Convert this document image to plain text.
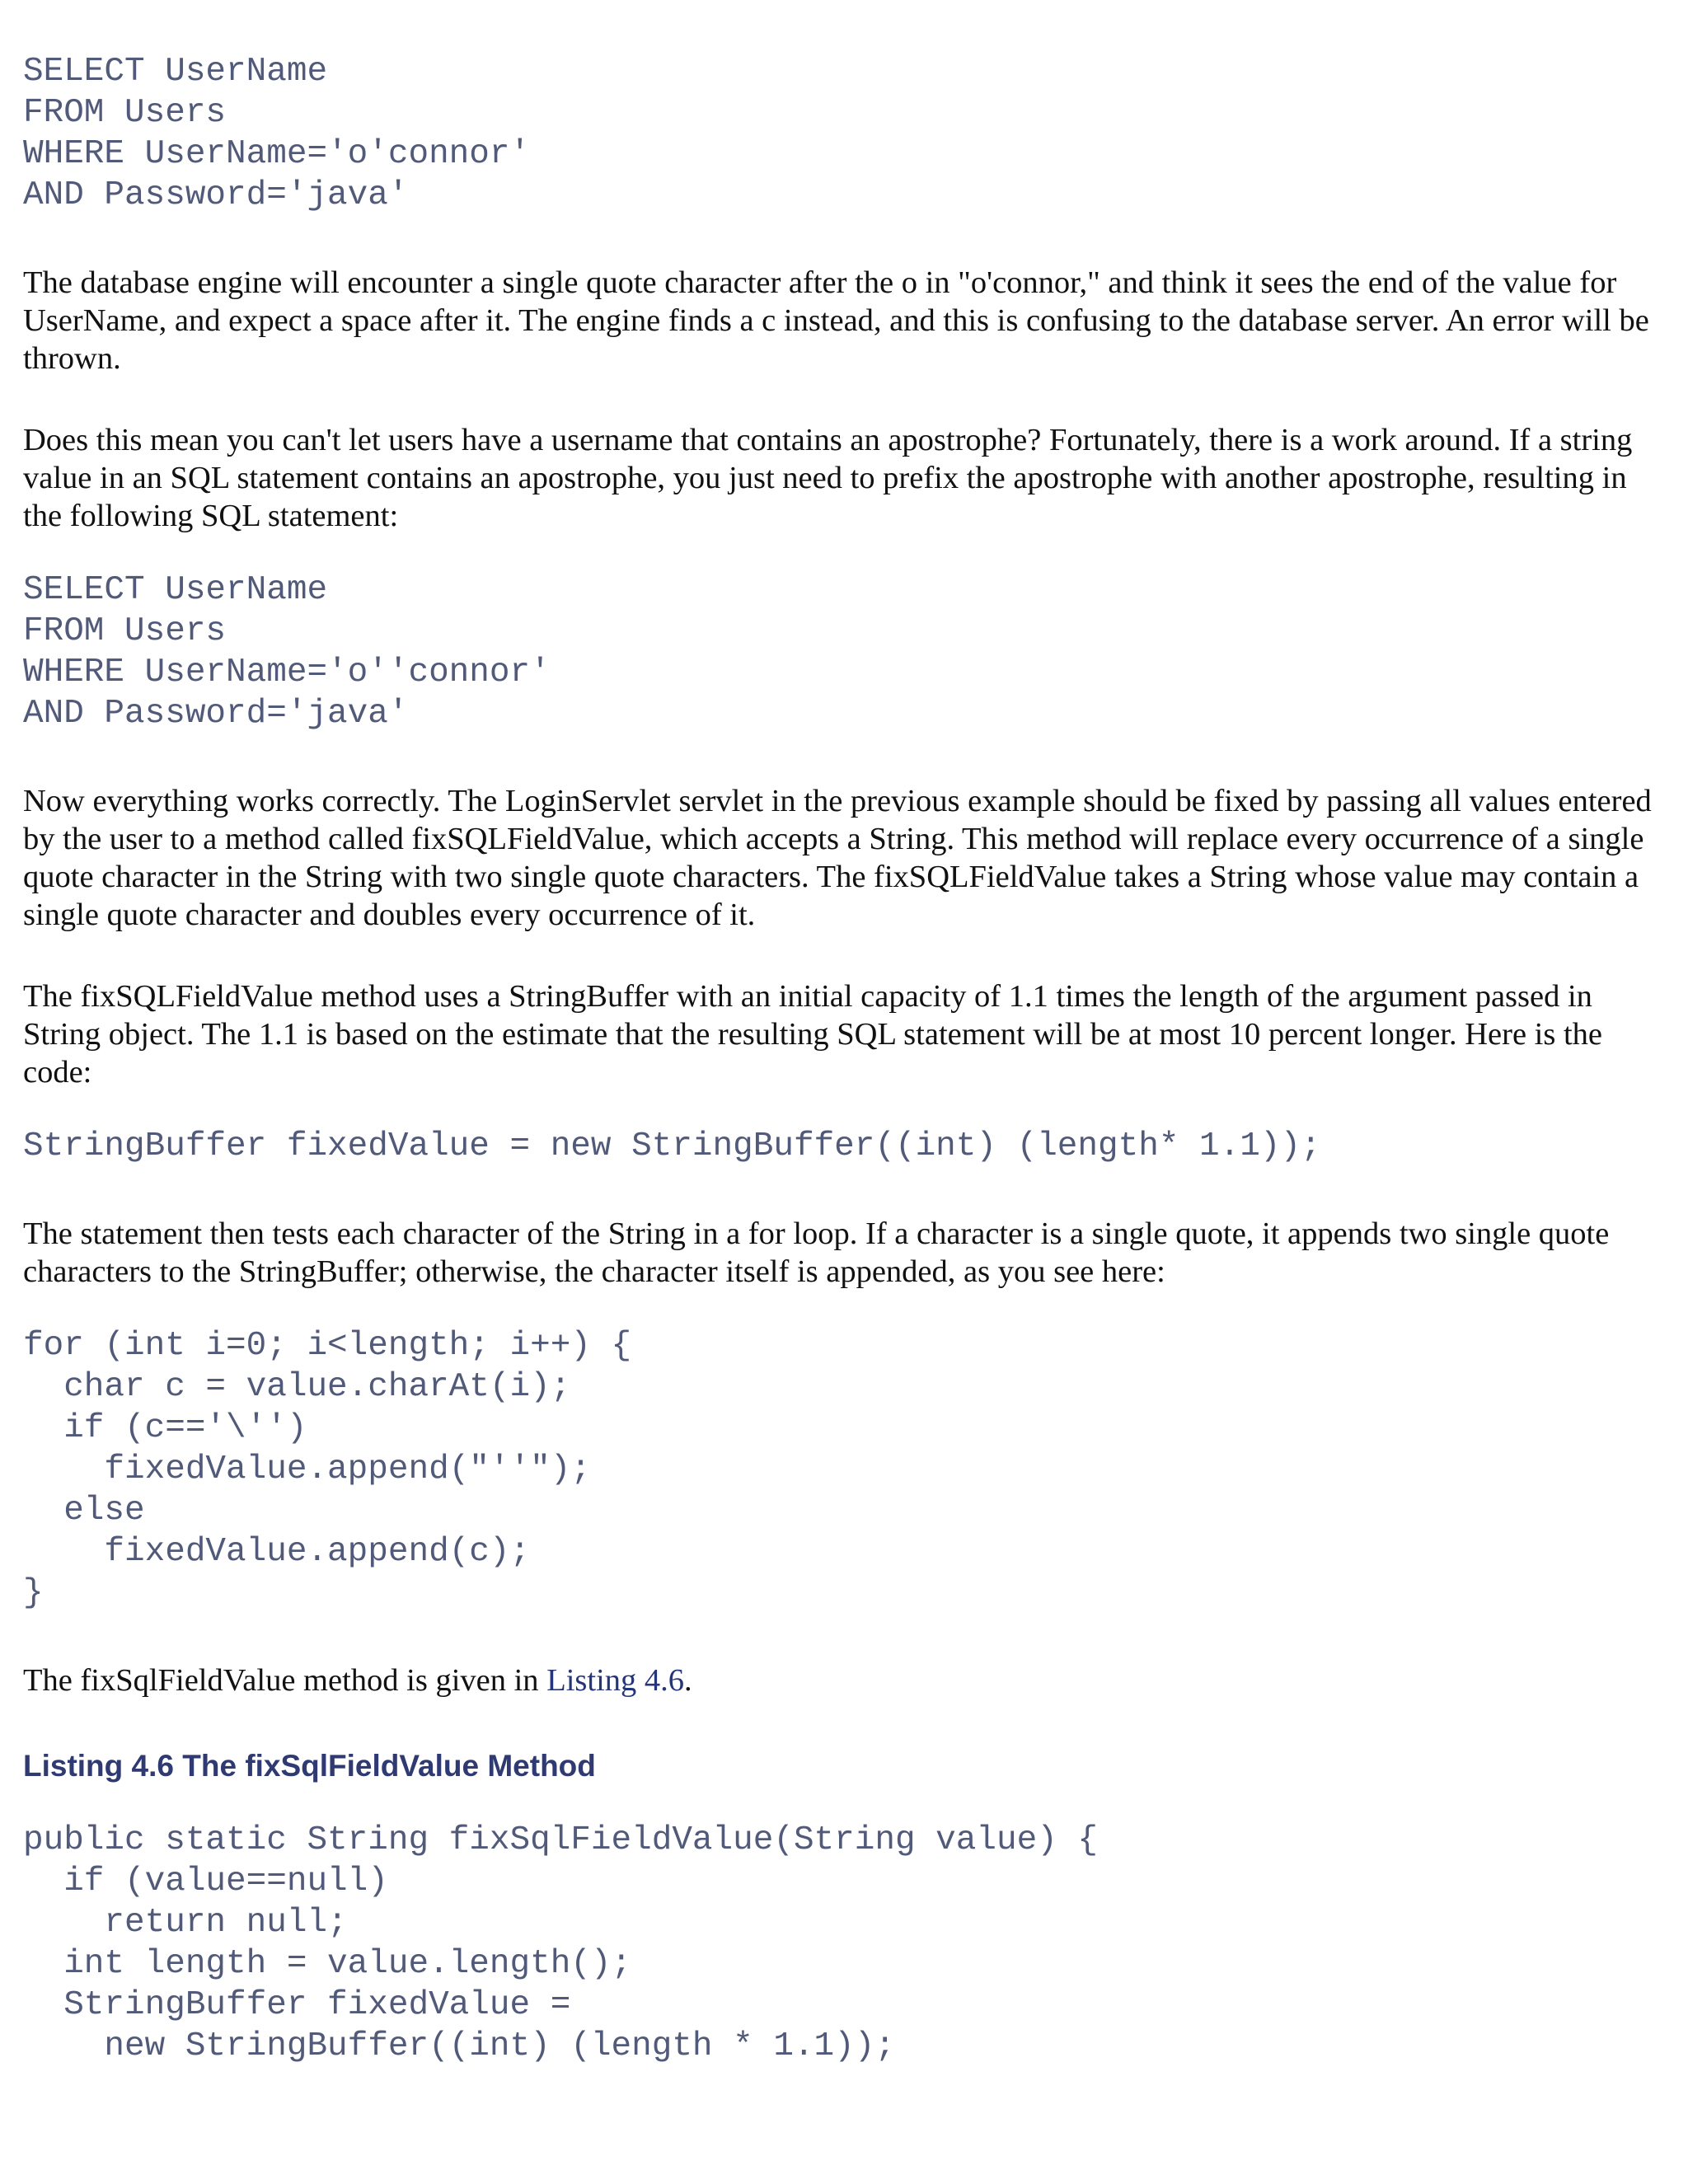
SELECT UserName
FROM Users
WHERE UserName='o'connor'
AND Password='java'

The database engine will encounter a single quote character after the o in "o'connor," and think it sees the end of the value for UserName, and expect a space after it. The engine finds a c instead, and this is confusing to the database server. An error will be thrown.

Does this mean you can't let users have a username that contains an apostrophe? Fortunately, there is a work around. If a string value in an SQL statement contains an apostrophe, you just need to prefix the apostrophe with another apostrophe, resulting in the following SQL statement:

SELECT UserName
FROM Users
WHERE UserName='o''connor'
AND Password='java'

Now everything works correctly. The LoginServlet servlet in the previous example should be fixed by passing all values entered by the user to a method called fixSQLFieldValue, which accepts a String. This method will replace every occurrence of a single quote character in the String with two single quote characters. The fixSQLFieldValue takes a String whose value may contain a single quote character and doubles every occurrence of it.

The fixSQLFieldValue method uses a StringBuffer with an initial capacity of 1.1 times the length of the argument passed in String object. The 1.1 is based on the estimate that the resulting SQL statement will be at most 10 percent longer. Here is the code:

StringBuffer fixedValue = new StringBuffer((int) (length* 1.1));

The statement then tests each character of the String in a for loop. If a character is a single quote, it appends two single quote characters to the StringBuffer; otherwise, the character itself is appended, as you see here:

for (int i=0; i<length; i++) {
char c = value.charAt(i);
if (c=='\'')
fixedValue.append("''");
else
fixedValue.append(c);
}

The fixSqlFieldValue method is given in Listing 4.6.

Listing 4.6 The fixSqlFieldValue Method
public static String fixSqlFieldValue(String value) {
if (value==null)
return null;
int length = value.length();
StringBuffer fixedValue =
new StringBuffer((int) (length * 1.1));
